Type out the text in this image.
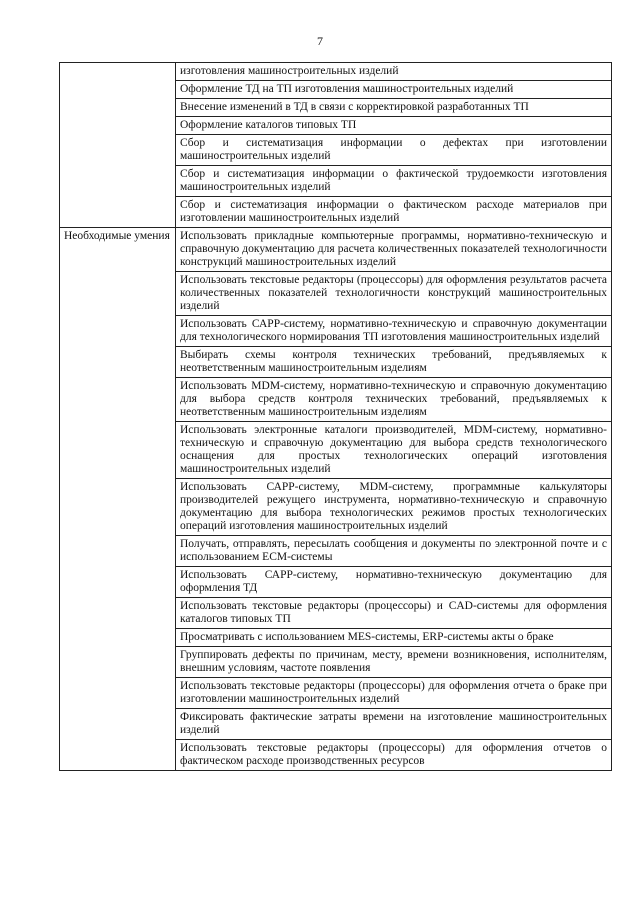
7
	изготовления машиностроительных изделий
	Оформление ТД на ТП изготовления машиностроительных изделий
	Внесение изменений в ТД в связи с корректировкой разработанных ТП
	Оформление каталогов типовых ТП
	Сбор и систематизация информации о дефектах при изготовлении машиностроительных изделий
	Сбор и систематизация информации о фактической трудоемкости изготовления машиностроительных изделий
	Сбор и систематизация информации о фактическом расходе материалов при изготовлении машиностроительных изделий
Необходимые умения	Использовать прикладные компьютерные программы, нормативно-техническую и справочную документацию для расчета количественных показателей технологичности конструкций машиностроительных изделий
	Использовать текстовые редакторы (процессоры) для оформления результатов расчета количественных показателей технологичности конструкций машиностроительных изделий
	Использовать САРР-систему, нормативно-техническую и справочную документации для технологического нормирования ТП изготовления машиностроительных изделий
	Выбирать схемы контроля технических требований, предъявляемых к неответственным машиностроительным изделиям
	Использовать MDM-систему, нормативно-техническую и справочную документацию для выбора средств контроля технических требований, предъявляемых к неответственным машиностроительным изделиям
	Использовать электронные каталоги производителей, MDM-систему, нормативно-техническую и справочную документацию для выбора средств технологического оснащения для простых технологических операций изготовления машиностроительных изделий
	Использовать САРР-систему, MDM-систему, программные калькуляторы производителей режущего инструмента, нормативно-техническую и справочную документацию для выбора технологических режимов простых технологических операций изготовления машиностроительных изделий
	Получать, отправлять, пересылать сообщения и документы по электронной почте и с использованием ECM-системы
	Использовать САРР-систему, нормативно-техническую документацию для оформления ТД
	Использовать текстовые редакторы (процессоры) и CAD-системы для оформления каталогов типовых ТП
	Просматривать с использованием MES-системы, ERP-системы акты о браке
	Группировать дефекты по причинам, месту, времени возникновения, исполнителям, внешним условиям, частоте появления
	Использовать текстовые редакторы (процессоры) для оформления отчета о браке при изготовлении машиностроительных изделий
	Фиксировать фактические затраты времени на изготовление машиностроительных изделий
	Использовать текстовые редакторы (процессоры) для оформления отчетов о фактическом расходе производственных ресурсов
